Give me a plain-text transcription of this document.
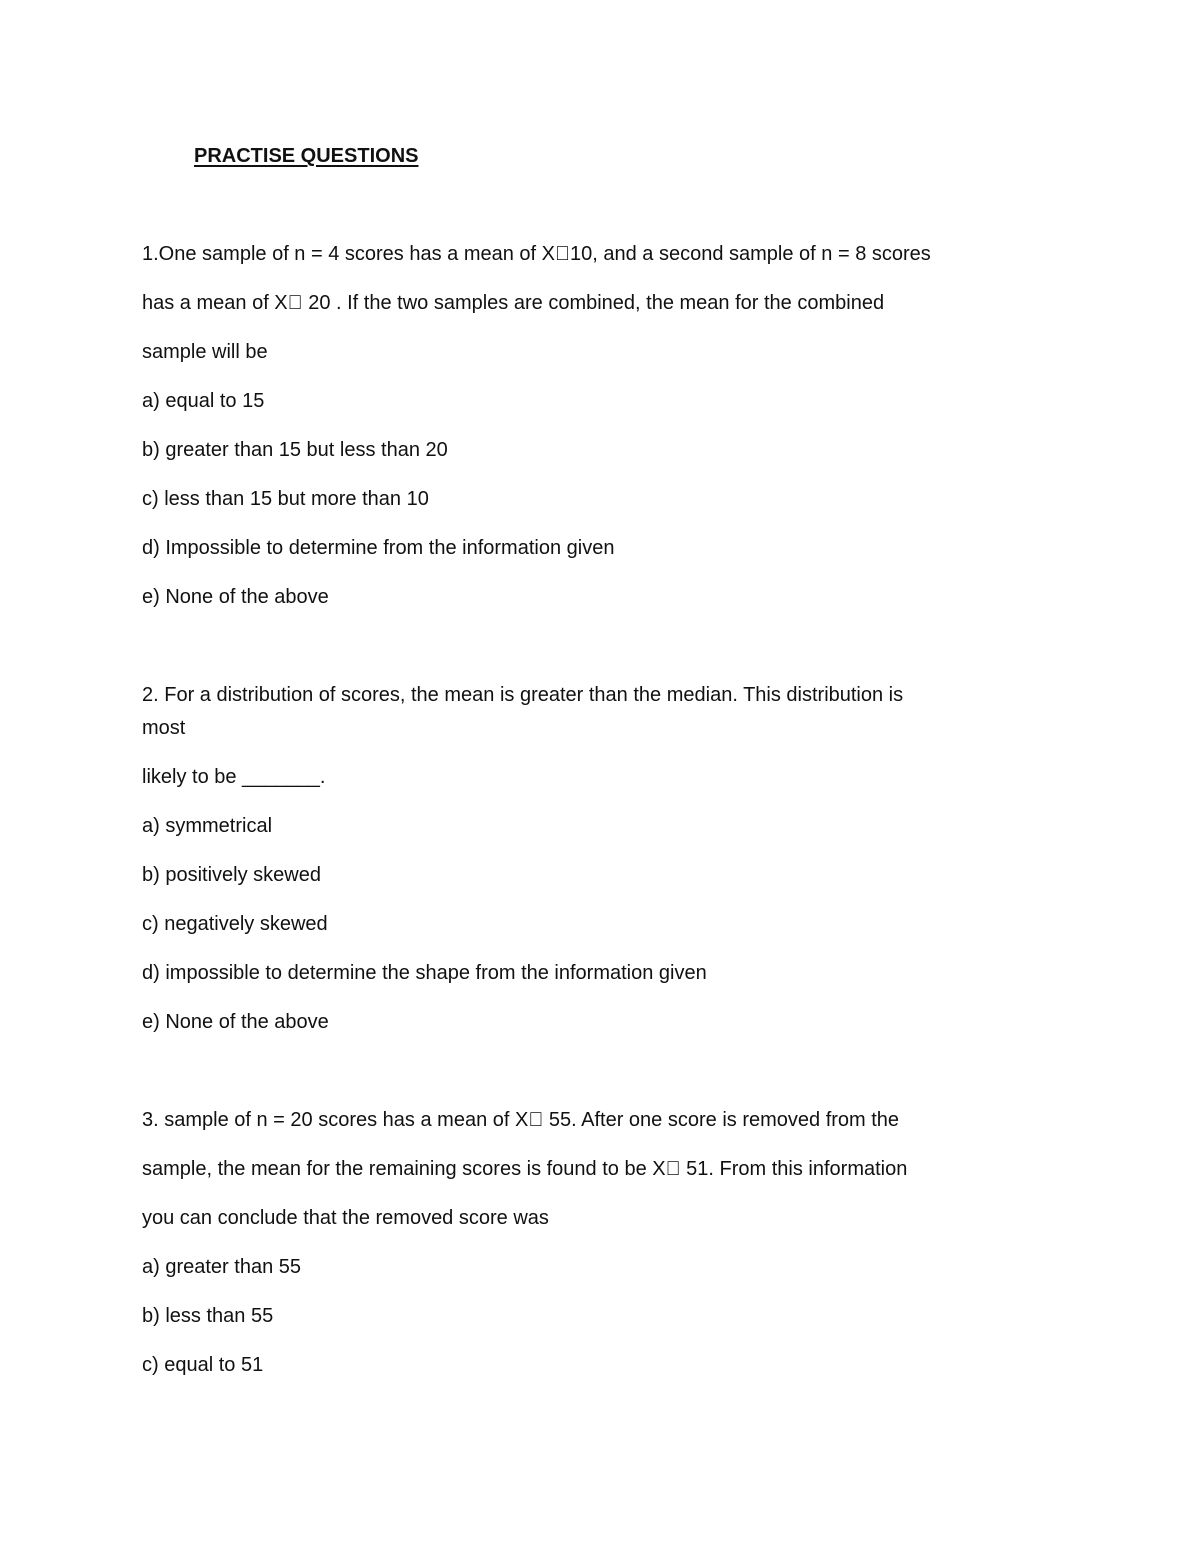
PRACTISE QUESTIONS
1.One sample of n = 4 scores has a mean of X⃞10, and a second sample of n = 8 scores
has a mean of X⃞ 20 . If the two samples are combined, the mean for the combined
sample will be
a) equal to 15
b) greater than 15 but less than 20
c) less than 15 but more than 10
d) Impossible to determine from the information given
e) None of the above
2. For a distribution of scores, the mean is greater than the median. This distribution is
most
likely to be _______.
a) symmetrical
b) positively skewed
c) negatively skewed
d) impossible to determine the shape from the information given
e) None of the above
3. sample of n = 20 scores has a mean of X⃞ 55. After one score is removed from the
sample, the mean for the remaining scores is found to be X⃞ 51. From this information
you can conclude that the removed score was
a) greater than 55
b) less than 55
c) equal to 51
